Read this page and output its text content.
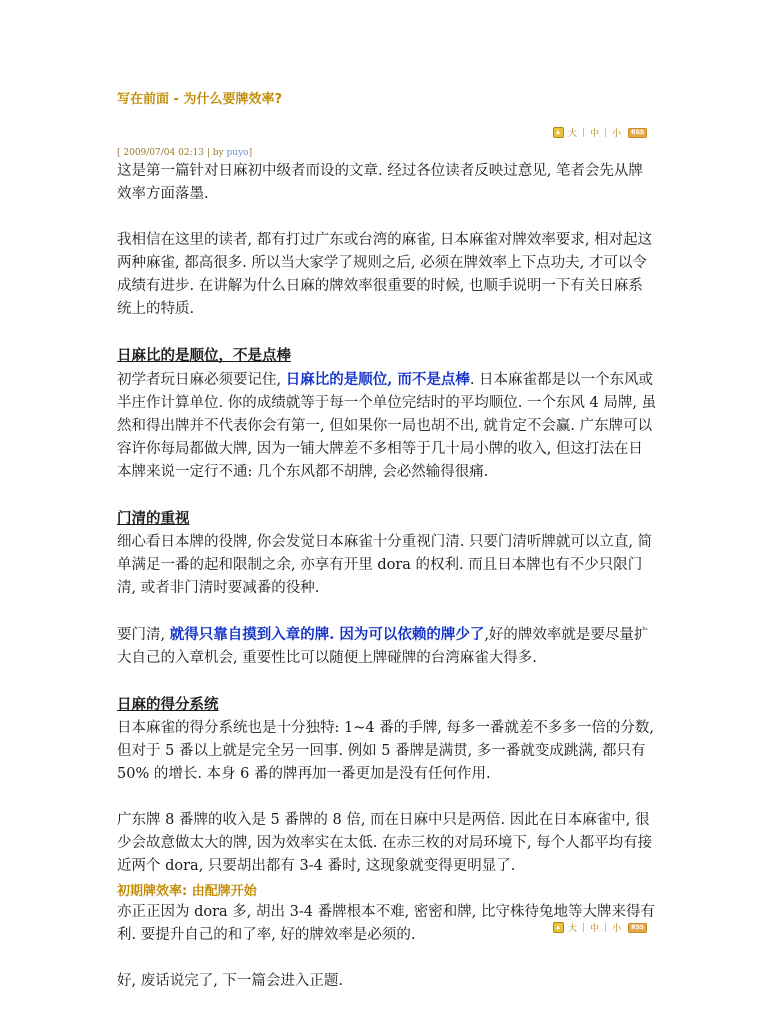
写在前面 - 为什么要牌效率?
大 | 中 | 小	RSS
[ 2009/07/04 02:13 | by puyo]

这是第一篇针对日麻初中级者而设的文章. 经过各位读者反映过意见, 笔者会先从牌效率方面落墨.

我相信在这里的读者, 都有打过广东或台湾的麻雀, 日本麻雀对牌效率要求, 相对起这两种麻雀, 都高很多. 所以当大家学了规则之后, 必须在牌效率上下点功夫, 才可以令成绩有进步. 在讲解为什么日麻的牌效率很重要的时候, 也顺手说明一下有关日麻系统上的特质.

日麻比的是顺位，不是点棒
初学者玩日麻必须要记住, 日麻比的是顺位, 而不是点棒. 日本麻雀都是以一个东风或半庄作计算单位. 你的成绩就等于每一个单位完结时的平均顺位. 一个东风 4 局牌, 虽然和得出牌并不代表你会有第一, 但如果你一局也胡不出, 就肯定不会赢. 广东牌可以容许你每局都做大牌, 因为一铺大牌差不多相等于几十局小牌的收入, 但这打法在日本牌来说一定行不通: 几个东风都不胡牌, 会必然输得很痛.

门清的重视
细心看日本牌的役牌, 你会发觉日本麻雀十分重视门清. 只要门清听牌就可以立直, 简单满足一番的起和限制之余, 亦享有开里 dora 的权利. 而且日本牌也有不少只限门清, 或者非门清时要减番的役种.

要门清, 就得只靠自摸到入章的牌. 因为可以依赖的牌少了,好的牌效率就是要尽量扩大自己的入章机会, 重要性比可以随便上牌碰牌的台湾麻雀大得多.

日麻的得分系统
日本麻雀的得分系统也是十分独特: 1~4 番的手牌, 每多一番就差不多多一倍的分数, 但对于 5 番以上就是完全另一回事. 例如 5 番牌是满贯, 多一番就变成跳满, 都只有 50% 的增长. 本身 6 番的牌再加一番更加是没有任何作用.

广东牌 8 番牌的收入是 5 番牌的 8 倍, 而在日麻中只是两倍. 因此在日本麻雀中, 很少会故意做太大的牌, 因为效率实在太低. 在赤三枚的对局环境下, 每个人都平均有接近两个 dora, 只要胡出都有 3-4 番时, 这现象就变得更明显了.

亦正正因为 dora 多, 胡出 3-4 番牌根本不难, 密密和牌, 比守株待兔地等大牌来得有利. 要提升自己的和了率, 好的牌效率是必须的.

好, 废话说完了, 下一篇会进入正题.

初期牌效率: 由配牌开始
大 | 中 | 小	RSS
